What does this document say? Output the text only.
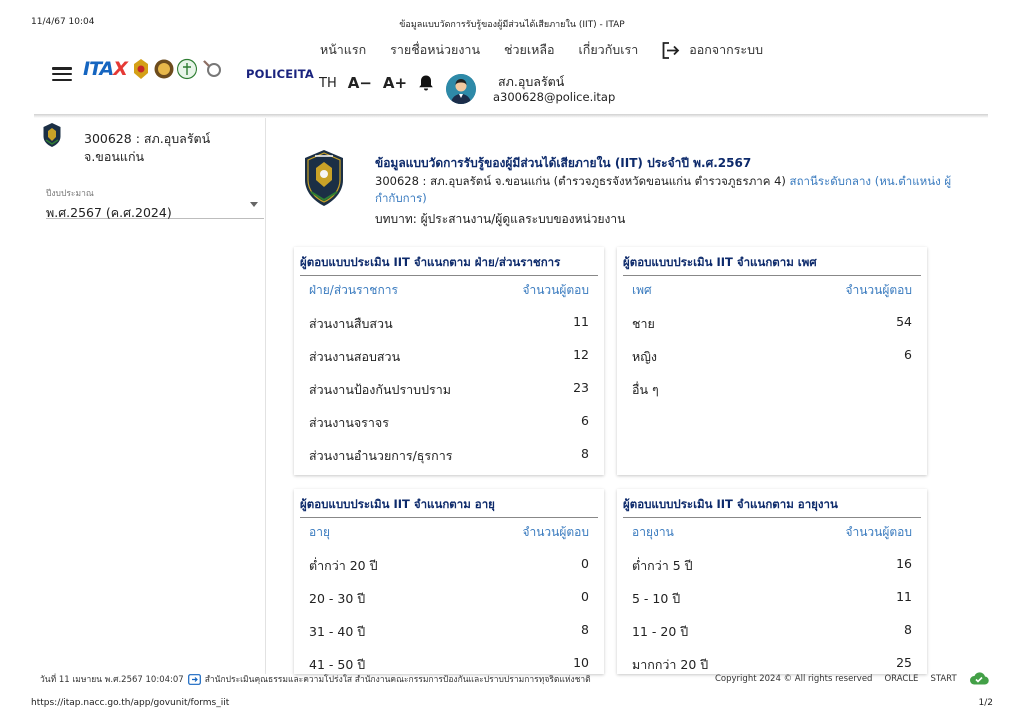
11/4/67 10:04	ข้อมูลแบบวัดการรับรู้ของผู้มีส่วนได้เสียภายใน (IIT) - ITAP
หน้าแรก รายชื่อหน่วยงาน ช่วยเหลือ เกี่ยวกับเรา	ออกจากระบบ
ITAX	POLICEITA
TH A− A+	สภ.อุบลรัตน์
a300628@police.itap
300628 : สภ.อุบลรัตน์
จ.ขอนแก่น
ปีงบประมาณ
พ.ศ.2567 (ค.ศ.2024)
ข้อมูลแบบวัดการรับรู้ของผู้มีส่วนได้เสียภายใน (IIT) ประจำปี พ.ศ.2567
300628 : สภ.อุบลรัตน์ จ.ขอนแก่น (ตำรวจภูธรจังหวัดขอนแก่น ตำรวจภูธรภาค 4) สถานีระดับกลาง (หน.ตำแหน่ง ผู้กำกับการ)
บทบาท: ผู้ประสานงาน/ผู้ดูแลระบบของหน่วยงาน
ผู้ตอบแบบประเมิน IIT จำแนกตาม ฝ่าย/ส่วนราชการ
ฝ่าย/ส่วนราชการ	จำนวนผู้ตอบ
ส่วนงานสืบสวน	11
ส่วนงานสอบสวน	12
ส่วนงานป้องกันปราบปราม	23
ส่วนงานจราจร	6
ส่วนงานอำนวยการ/ธุรการ	8
ผู้ตอบแบบประเมิน IIT จำแนกตาม เพศ
เพศ	จำนวนผู้ตอบ
ชาย	54
หญิง	6
อื่น ๆ
ผู้ตอบแบบประเมิน IIT จำแนกตาม อายุ
อายุ	จำนวนผู้ตอบ
ต่ำกว่า 20 ปี	0
20 - 30 ปี	0
31 - 40 ปี	8
41 - 50 ปี	10
ผู้ตอบแบบประเมิน IIT จำแนกตาม อายุงาน
อายุงาน	จำนวนผู้ตอบ
ต่ำกว่า 5 ปี	16
5 - 10 ปี	11
11 - 20 ปี	8
มากกว่า 20 ปี	25
วันที่ 11 เมษายน พ.ศ.2567 10:04:07 สำนักประเมินคุณธรรมและความโปร่งใส สำนักงานคณะกรรมการป้องกันและปราบปรามการทุจริตแห่งชาติ	Copyright 2024 © All rights reserved ORACLE START
https://itap.nacc.go.th/app/govunit/forms_iit	1/2
